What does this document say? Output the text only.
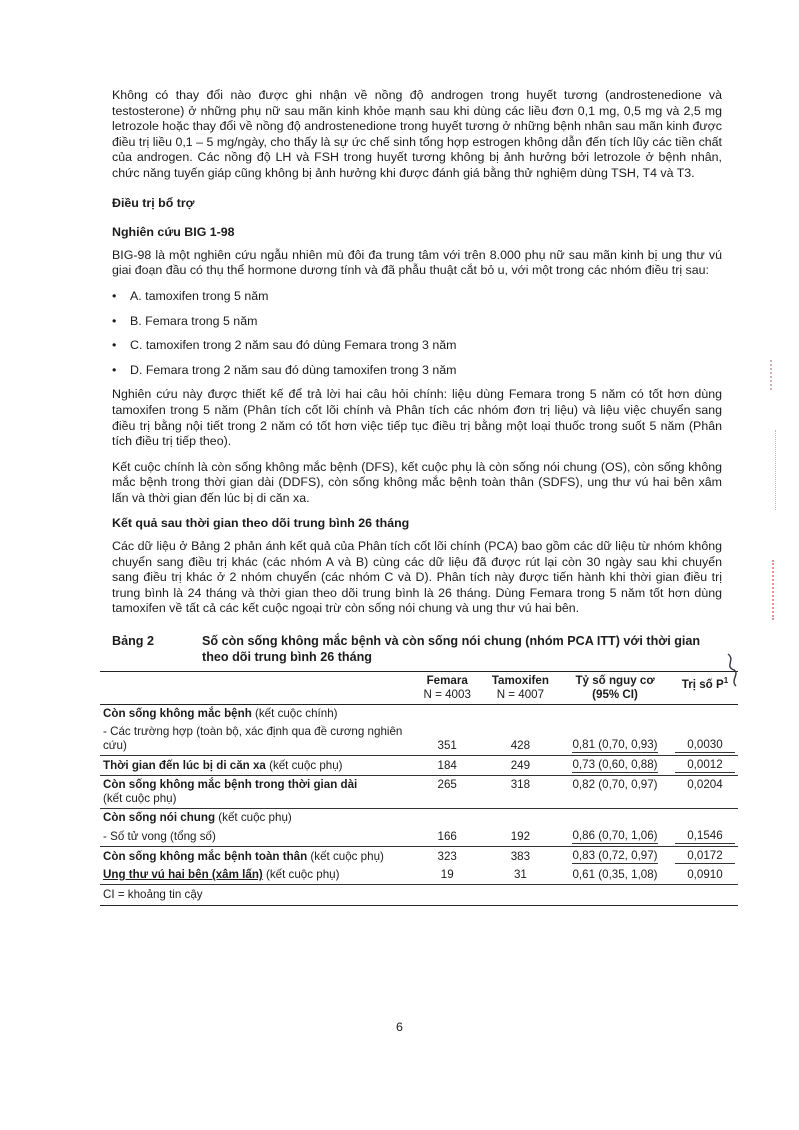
Không có thay đổi nào được ghi nhận về nồng độ androgen trong huyết tương (androstenedione và testosterone) ở những phụ nữ sau mãn kinh khỏe mạnh sau khi dùng các liều đơn 0,1 mg, 0,5 mg và 2,5 mg letrozole hoặc thay đổi về nồng độ androstenedione trong huyết tương ở những bệnh nhân sau mãn kinh được điều trị liều 0,1 – 5 mg/ngày, cho thấy là sự ức chế sinh tổng hợp estrogen không dẫn đến tích lũy các tiền chất của androgen. Các nồng độ LH và FSH trong huyết tương không bị ảnh hưởng bởi letrozole ở bệnh nhân, chức năng tuyến giáp cũng không bị ảnh hưởng khi được đánh giá bằng thử nghiệm dùng TSH, T4 và T3.

Điều trị bổ trợ
Nghiên cứu BIG 1-98

BIG-98 là một nghiên cứu ngẫu nhiên mù đôi đa trung tâm với trên 8.000 phụ nữ sau mãn kinh bị ung thư vú giai đoạn đầu có thụ thể hormone dương tính và đã phẫu thuật cắt bỏ u, với một trong các nhóm điều trị sau:

• A. tamoxifen trong 5 năm
• B. Femara trong 5 năm
• C. tamoxifen trong 2 năm sau đó dùng Femara trong 3 năm
• D. Femara trong 2 năm sau đó dùng tamoxifen trong 3 năm

Nghiên cứu này được thiết kế để trả lời hai câu hỏi chính: liệu dùng Femara trong 5 năm có tốt hơn dùng tamoxifen trong 5 năm (Phân tích cốt lõi chính và Phân tích các nhóm đơn trị liệu) và liệu việc chuyển sang điều trị bằng nội tiết trong 2 năm có tốt hơn việc tiếp tục điều trị bằng một loại thuốc trong suốt 5 năm (Phân tích điều trị tiếp theo).

Kết cuộc chính là còn sống không mắc bệnh (DFS), kết cuộc phụ là còn sống nói chung (OS), còn sống không mắc bệnh trong thời gian dài (DDFS), còn sống không mắc bệnh toàn thân (SDFS), ung thư vú hai bên xâm lấn và thời gian đến lúc bị di căn xa.

Kết quả sau thời gian theo dõi trung bình 26 tháng

Các dữ liệu ở Bảng 2 phản ánh kết quả của Phân tích cốt lõi chính (PCA) bao gồm các dữ liệu từ nhóm không chuyển sang điều trị khác (các nhóm A và B) cùng các dữ liệu đã được rút lại còn 30 ngày sau khi chuyển sang điều trị khác ở 2 nhóm chuyển (các nhóm C và D). Phân tích này được tiến hành khi thời gian điều trị trung bình là 24 tháng và thời gian theo dõi trung bình là 26 tháng. Dùng Femara trong 5 năm tốt hơn dùng tamoxifen về tất cả các kết cuộc ngoại trừ còn sống nói chung và ung thư vú hai bên.

Bảng 2	Số còn sống không mắc bệnh và còn sống nói chung (nhóm PCA ITT) với thời gian theo dõi trung bình 26 tháng

	Femara
N = 4003	Tamoxifen
N = 4007	Tỷ số nguy cơ
(95% CI)	Trị số $P^1$

Còn sống không mắc bệnh (kết cuộc chính)				
- Các trường hợp (toàn bộ, xác định qua đề cương nghiên cứu)	351	428	0,81 (0,70, 0,93)	0,0030
Thời gian đến lúc bị di căn xa (kết cuộc phụ)	184	249	0,73 (0,60, 0,88)	0,0012
Còn sống không mắc bệnh trong thời gian dài
(kết cuộc phụ)	265	318	0,82 (0,70, 0,97)	0,0204
Còn sống nói chung (kết cuộc phụ)				
- Số tử vong (tổng số)	166	192	0,86 (0,70, 1,06)	0,1546
Còn sống không mắc bệnh toàn thân (kết cuộc phụ)	323	383	0,83 (0,72, 0,97)	0,0172
Ung thư vú hai bên (xâm lấn) (kết cuộc phụ)	19	31	0,61 (0,35, 1,08)	0,0910
CI = khoảng tin cậy				
6
